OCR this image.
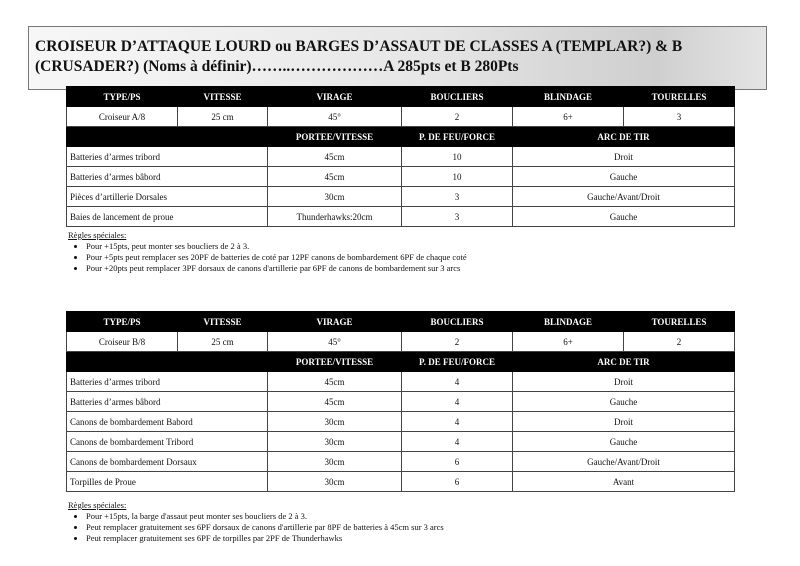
CROISEUR D’ATTAQUE LOURD ou BARGES D’ASSAUT DE CLASSES A (TEMPLAR?) & B
(CRUSADER?) (Noms à définir)……..………………A 285pts et B 280Pts
TYPE/PS	VITESSE	VIRAGE	BOUCLIERS	BLINDAGE	TOURELLES
Croiseur A/8	25 cm	45°	2	6+	3
		PORTEE/VITESSE	P. DE FEU/FORCE	ARC DE TIR	
Batteries d’armes tribord		45cm	10	Droit	
Batteries d’armes bâbord		45cm	10	Gauche	
Pièces d’artillerie Dorsales		30cm	3	Gauche/Avant/Droit	
Baies de lancement de proue		Thunderhawks:20cm	3	Gauche	
Règles spéciales:
• Pour +15pts, peut monter ses boucliers de 2 à 3.
• Pour +5pts peut remplacer ses 20PF de batteries de coté par 12PF canons de bombardement 6PF de chaque coté
• Pour +20pts peut remplacer 3PF dorsaux de canons d'artillerie par 6PF de canons de bombardement sur 3 arcs
TYPE/PS	VITESSE	VIRAGE	BOUCLIERS	BLINDAGE	TOURELLES
Croiseur B/8	25 cm	45°	2	6+	2
		PORTEE/VITESSE	P. DE FEU/FORCE	ARC DE TIR	
Batteries d’armes tribord		45cm	4	Droit	
Batteries d’armes bâbord		45cm	4	Gauche	
Canons de bombardement Babord		30cm	4	Droit	
Canons de bombardement Tribord		30cm	4	Gauche	
Canons de bombardement Dorsaux		30cm	6	Gauche/Avant/Droit	
Torpilles de Proue		30cm	6	Avant	
Règles spéciales:
• Pour +15pts, la barge d'assaut peut monter ses boucliers de 2 à 3.
• Peut remplacer gratuitement ses 6PF dorsaux de canons d'artillerie par 8PF de batteries à 45cm sur 3 arcs
• Peut remplacer gratuitement ses 6PF de torpilles par 2PF de Thunderhawks
